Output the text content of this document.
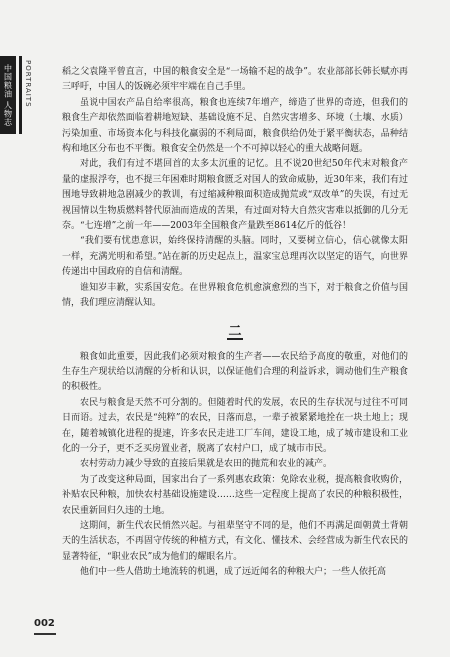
中国粮油 人物志 PORTRAITS	稻之父袁隆平曾直言，中国的粮食安全是“一场输不起的战争”。农业部部长韩长赋亦再三呼吁，中国人的饭碗必须牢牢端在自己手里。

虽说中国农产品自给率很高，粮食也连续7年增产，缔造了世界的奇迹，但我们的粮食生产却依然面临着耕地短缺、基础设施不足、自然灾害增多、环境（土壤、水质）污染加重、市场资本化与科技化赢弱的不利局面，粮食供给仍处于紧平衡状态，品种结构和地区分布也不平衡。粮食安全仍然是一个不可掉以轻心的重大战略问题。

对此，我们有过不堪回首的太多太沉重的记忆。且不说20世纪50年代末对粮食产量的虚报浮夸，也不提三年困难时期粮食匮乏对国人的致命威胁，近30年来，我们有过围地导致耕地急剧减少的教训，有过缩减种粮面积造成抛荒或“双改单”的失误，有过无视国情以生物质燃料替代原油而造成的苦果，有过面对特大自然灾害难以抵御的几分无奈。“七连增”之前一年——2003年全国粮食产量跌至8614亿斤的低谷！

“我们要有忧患意识，始终保持清醒的头脑。同时，又要树立信心，信心就像太阳一样，充满光明和希望。”站在新的历史起点上，温家宝总理再次以坚定的语气，向世界传递出中国政府的自信和清醒。

谁知岁丰歉，实系国安危。在世界粮食危机愈演愈烈的当下，对于粮食之价值与国情，我们理应清醒认知。

二

粮食如此重要，因此我们必须对粮食的生产者——农民给予高度的敬重，对他们的生存生产现状给以清醒的分析和认识，以保证他们合理的利益诉求，调动他们生产粮食的积极性。

农民与粮食是天然不可分割的。但随着时代的发展，农民的生存状况与过往不可同日而语。过去，农民是“纯粹”的农民，日落而息，一辈子被紧紧地拴在一块土地上；现在，随着城镇化进程的提速，许多农民走进工厂车间，建设工地，成了城市建设和工业化的一分子，更不乏买房置业者，脱离了农村户口，成了城市市民。

农村劳动力减少导致的直接后果就是农田的抛荒和农业的减产。

为了改变这种局面，国家出台了一系列惠农政策：免除农业税，提高粮食收购价，补贴农民种粮，加快农村基础设施建设……这些一定程度上提高了农民的种粮积极性，农民重新回归久违的土地。

这期间，新生代农民悄然兴起。与祖辈坚守不同的是，他们不再满足面朝黄土背朝天的生活状态，不再固守传统的种植方式，有文化、懂技术、会经营成为新生代农民的显著特征，“职业农民”成为他们的耀眼名片。

他们中一些人借助土地流转的机遇，成了远近闻名的种粮大户；一些人依托高

002
